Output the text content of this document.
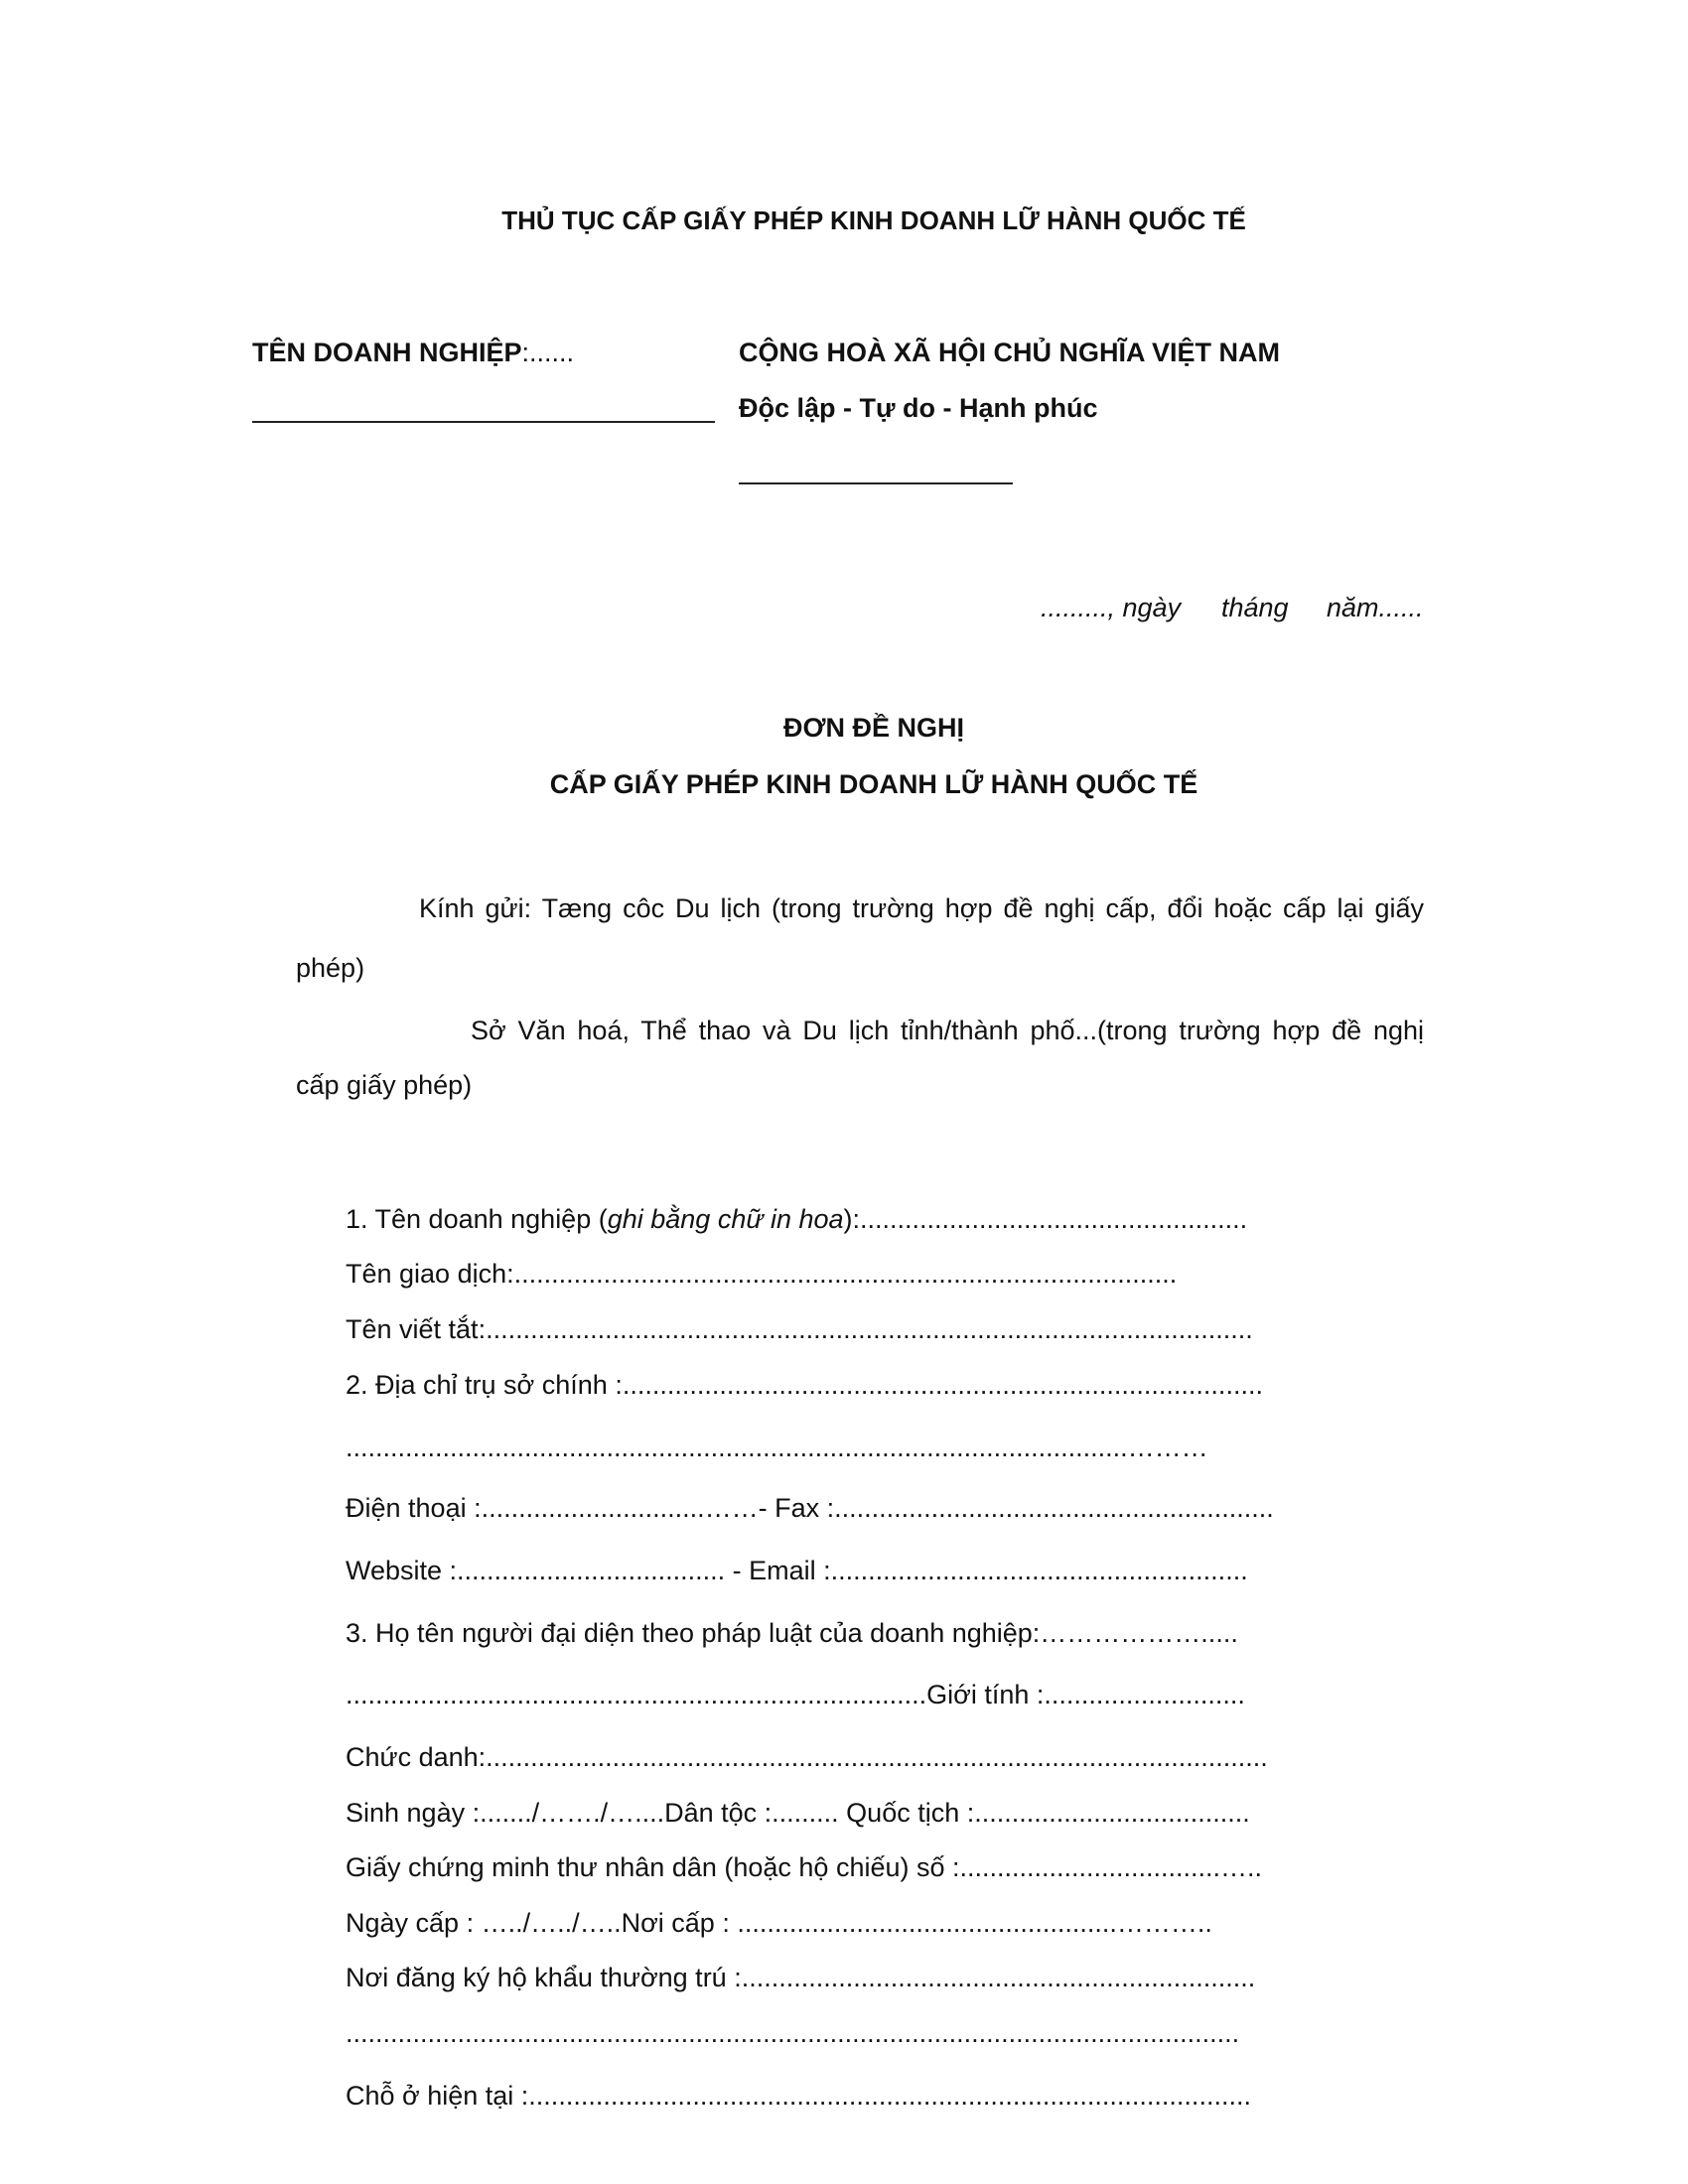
THỦ TỤC CẤP GIẤY PHÉP KINH DOANH LỮ HÀNH QUỐC TẾ
TÊN DOANH NGHIỆP:......	CỘNG HOÀ XÃ HỘI CHỦ NGHĨA VIỆT NAM
Độc lập - Tự do - Hạnh phúc
........., ngày tháng năm......
ĐƠN ĐỀ NGHỊ
CẤP GIẤY PHÉP KINH DOANH LỮ HÀNH QUỐC TẾ
Kính gửi: Tæng côc Du lịch (trong trường hợp đề nghị cấp, đổi hoặc cấp lại giấy
phép)
Sở Văn hoá, Thể thao và Du lịch tỉnh/thành phố...(trong trường hợp đề nghị
cấp giấy phép)
1. Tên doanh nghiệp (ghi bằng chữ in hoa):....................................................
Tên giao dịch:.........................................................................................
Tên viết tắt:.......................................................................................................
2. Địa chỉ trụ sở chính :......................................................................................
.........................................................................................................………
Điện thoại :..............................……- Fax :...........................................................
Website :.................................... - Email :........................................................
3. Họ tên người đại diện theo pháp luật của doanh nghiệp:……………….....
..............................................................................Giới tính :...........................
Chức danh:.........................................................................................................
Sinh ngày :......./……./…....Dân tộc :......... Quốc tịch :.....................................
Giấy chứng minh thư nhân dân (hoặc hộ chiếu) số :...................................…..
Ngày cấp : …../…../…..Nơi cấp : ...................................................………..
Nơi đăng ký hộ khẩu thường trú :.....................................................................
........................................................................................................................
Chỗ ở hiện tại :.................................................................................................
